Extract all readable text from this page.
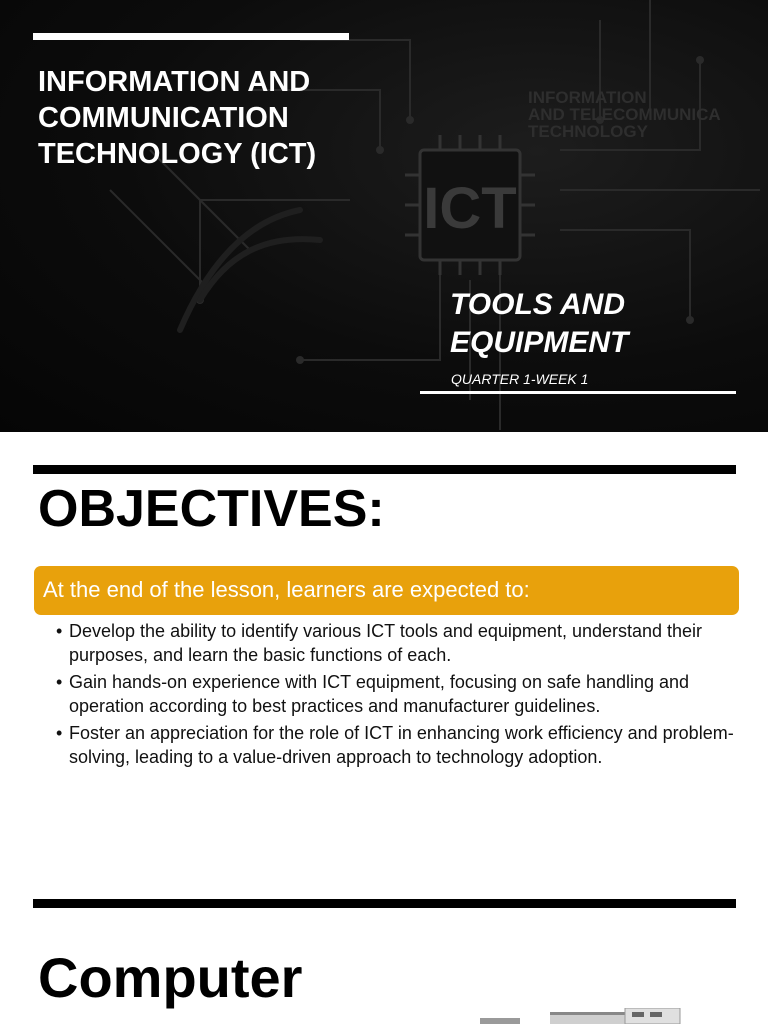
ICT
INFORMATION
AND TELECOMMUNICA
TECHNOLOGY
INFORMATION AND COMMUNICATION TECHNOLOGY (ICT)
TOOLS AND EQUIPMENT

QUARTER 1-WEEK 1

OBJECTIVES:

At the end of the lesson, learners are expected to:

• Develop the ability to identify various ICT tools and equipment, understand their purposes, and learn the basic functions of each.
• Gain hands-on experience with ICT equipment, focusing on safe handling and operation according to best practices and manufacturer guidelines.
• Foster an appreciation for the role of ICT in enhancing work efficiency and problem-solving, leading to a value-driven approach to technology adoption.
Computer
